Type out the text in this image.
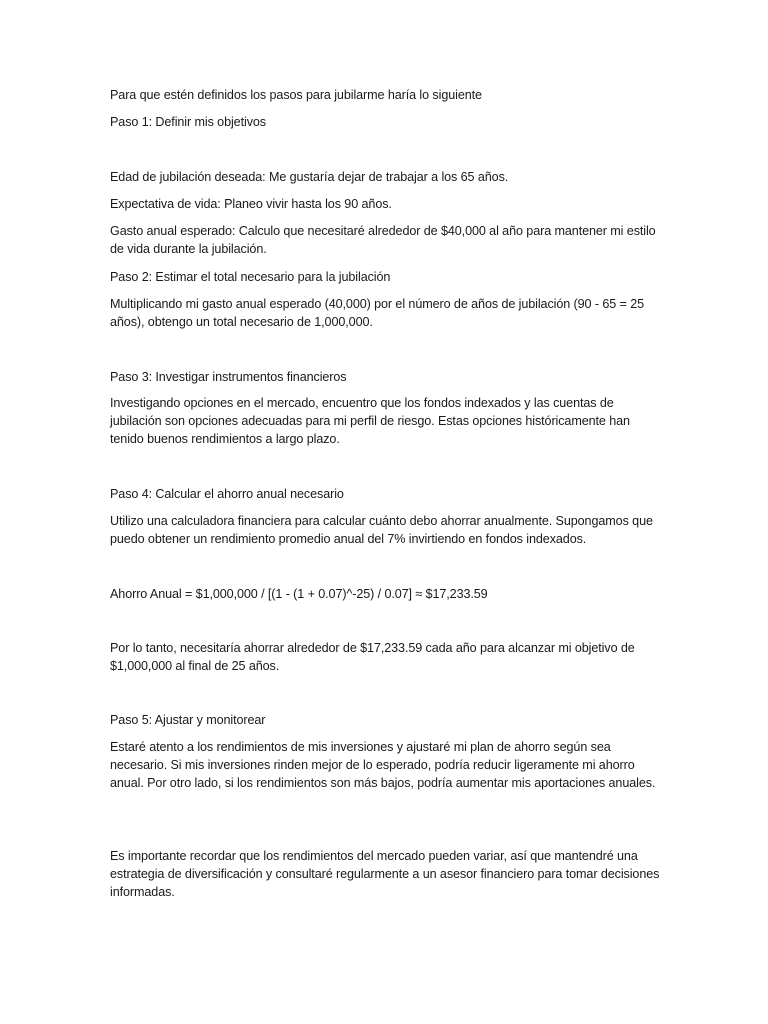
Para que estén definidos los pasos para jubilarme haría lo siguiente

Paso 1: Definir mis objetivos

Edad de jubilación deseada: Me gustaría dejar de trabajar a los 65 años.

Expectativa de vida: Planeo vivir hasta los 90 años.

Gasto anual esperado: Calculo que necesitaré alrededor de $40,000 al año para mantener mi estilo de vida durante la jubilación.

Paso 2: Estimar el total necesario para la jubilación

Multiplicando mi gasto anual esperado (40,000) por el número de años de jubilación (90 - 65 = 25 años), obtengo un total necesario de 1,000,000.

Paso 3: Investigar instrumentos financieros

Investigando opciones en el mercado, encuentro que los fondos indexados y las cuentas de jubilación son opciones adecuadas para mi perfil de riesgo. Estas opciones históricamente han tenido buenos rendimientos a largo plazo.

Paso 4: Calcular el ahorro anual necesario

Utilizo una calculadora financiera para calcular cuánto debo ahorrar anualmente. Supongamos que puedo obtener un rendimiento promedio anual del 7% invirtiendo en fondos indexados.

Ahorro Anual = $1,000,000 / [(1 - (1 + 0.07)^-25) / 0.07] ≈ $17,233.59

Por lo tanto, necesitaría ahorrar alrededor de $17,233.59 cada año para alcanzar mi objetivo de $1,000,000 al final de 25 años.

Paso 5: Ajustar y monitorear

Estaré atento a los rendimientos de mis inversiones y ajustaré mi plan de ahorro según sea necesario. Si mis inversiones rinden mejor de lo esperado, podría reducir ligeramente mi ahorro anual. Por otro lado, si los rendimientos son más bajos, podría aumentar mis aportaciones anuales.

Es importante recordar que los rendimientos del mercado pueden variar, así que mantendré una estrategia de diversificación y consultaré regularmente a un asesor financiero para tomar decisiones informadas.
